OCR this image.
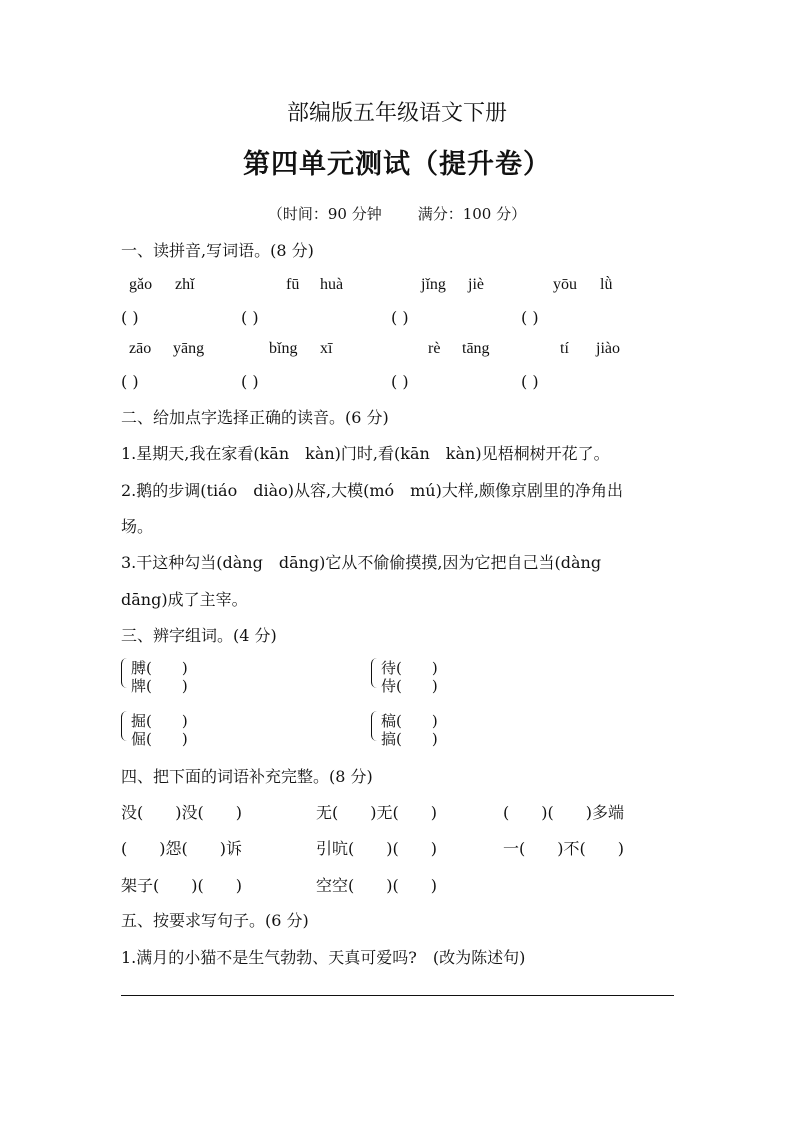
部编版五年级语文下册
第四单元测试（提升卷）
（时间：90 分钟 满分：100 分）
一、读拼音,写词语。(8 分)
gǎo zhǐ	fū huà	jǐng jiè	yōu lǜ
( )	( )	( )	( )
zāo yāng	bǐng xī	rè tāng	tí jiào
( )	( )	( )	( )
二、给加点字选择正确的读音。(6 分)
1.星期天,我在家看(kān　kàn)门时,看(kān　kàn)见梧桐树开花了。
2.鹅的步调(tiáo　diào)从容,大模(mó　mú)大样,颇像京剧里的净角出
场。
3.干这种勾当(dàng　dāng)它从不偷偷摸摸,因为它把自己当(dàng
dāng)成了主宰。
三、辨字组词。(4 分)
膊(　　)
牌(　　)
待(　　)
侍(　　)
掘(　　)
倔(　　)
稿(　　)
搞(　　)
四、把下面的词语补充完整。(8 分)
没(　　)没(　　)	无(　　)无(　　)	(　　)(　　)多端
(　　)怨(　　)诉	引吭(　　)(　　)	一(　　)不(　　)
架子(　　)(　　)	空空(　　)(　　)
五、按要求写句子。(6 分)
1.满月的小猫不是生气勃勃、天真可爱吗?　(改为陈述句)
